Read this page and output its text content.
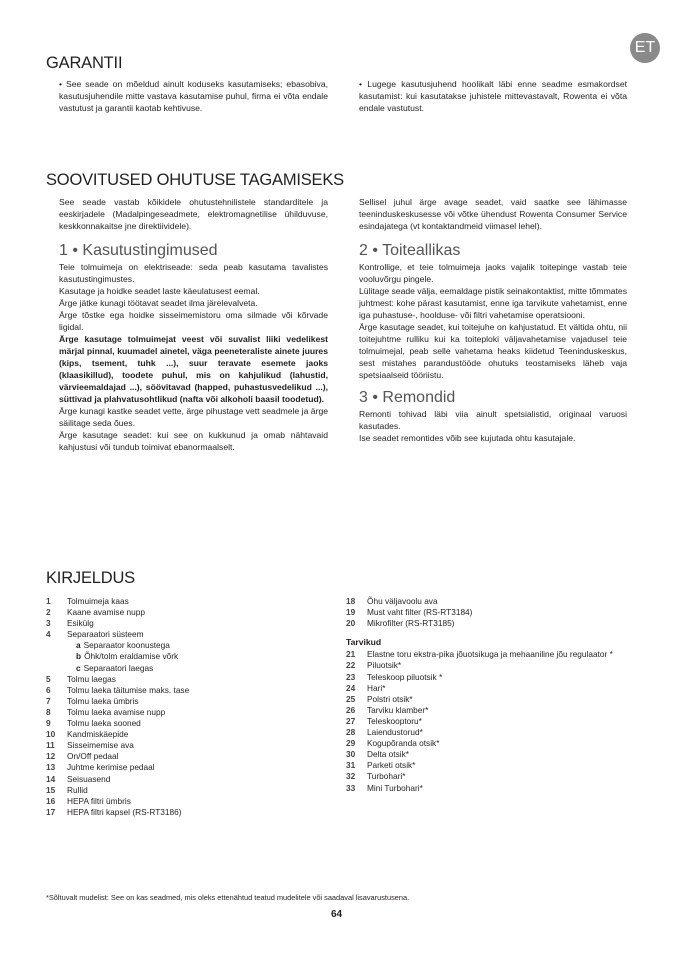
ET
GARANTII
• See seade on mõeldud ainult koduseks kasutamiseks; ebasobiva, kasutusjuhendile mitte vastava kasutamise puhul, firma ei võta endale vastutust ja garantii kaotab kehtivuse.
• Lugege kasutusjuhend hoolikalt läbi enne seadme esmakordset kasutamist: kui kasutatakse juhistele mittevastavalt, Rowenta ei võta endale vastutust.
SOOVITUSED OHUTUSE TAGAMISEKS
See seade vastab kõikidele ohutustehnilistele standarditele ja eeskirjadele (Madalpingeseadmete, elektromagnetilise ühilduvuse, keskkonnakaitse jne direktiividele).
1 • Kasutustingimused

Teie tolmuimeja on elektriseade: seda peab kasutama tavalistes kasutustingimustes.

Kasutage ja hoidke seadet laste käeulatusest eemal.

Ärge jätke kunagi töötavat seadet ilma järelevalveta.

Ärge tõstke ega hoidke sisseimemistoru oma silmade või kõrvade ligidal.

Ärge kasutage tolmuimejat veest või suvalist liiki vedelikest märjal pinnal, kuumadel ainetel, väga peeneteraliste ainete juures (kips, tsement, tuhk ...), suur teravate esemete jaoks (klaasikillud), toodete puhul, mis on kahjulikud (lahustid, värvieemaldajad ...), söövitavad (happed, puhastusvedelikud ...), süttivad ja plahvatusohtlikud (nafta või alkoholi baasil toodetud).

Ärge kunagi kastke seadet vette, ärge pihustage vett seadmele ja ärge säilitage seda õues.

Ärge kasutage seadet: kui see on kukkunud ja omab nähtavaid kahjustusi või tundub toimivat ebanormaalselt.

Sellisel juhul ärge avage seadet, vaid saatke see lähimasse teeninduskeskusesse või võtke ühendust Rowenta Consumer Service esindajatega (vt kontaktandmeid viimasel lehel).
2 • Toiteallikas

Kontrollige, et teie tolmuimeja jaoks vajalik toitepinge vastab teie vooluvõrgu pingele.

Lülitage seade välja, eemaldage pistik seinakontaktist, mitte tõmmates juhtmest: kohe pärast kasutamist, enne iga tarvikute vahetamist, enne iga puhastuse-, hoolduse- või filtri vahetamise operatsiooni.

Ärge kasutage seadet, kui toitejuhe on kahjustatud. Et vältida ohtu, nii toitejuhtme rulliku kui ka toiteploki väljavahetamise vajadusel teie tolmuimejal, peab selle vahetama heaks kiidetud Teeninduskeskus, sest mistahes parandustööde ohutuks teostamiseks läheb vaja spetsiaalseid tööriistu.

3 • Remondid

Remonti tohivad läbi viia ainult spetsialistid, originaal varuosi kasutades.

Ise seadet remontides võib see kujutada ohtu kasutajale.

KIRJELDUS
1	Tolmuimeja kaas
2	Kaane avamise nupp
3	Esikülg
4	Separaatori süsteem
a Separaator koonustega
b Õhk/tolm eraldamise võrk
c Separaatori laegas
5	Tolmu laegas
6	Tolmu laeka täitumise maks. tase
7	Tolmu laeka ümbris
8	Tolmu laeka avamise nupp
9	Tolmu laeka sooned
10	Kandmiskäepide
11	Sisseimemise ava
12	On/Off pedaal
13	Juhtme kerimise pedaal
14	Seisuasend
15	Rullid
16	HEPA filtri ümbris
17	HEPA filtri kapsel (RS-RT3186)
18	Õhu väljavoolu ava
19	Must vaht filter (RS-RT3184)
20	Mikrofilter (RS-RT3185)
Tarvikud
21	Elastne toru ekstra-pika jõuotsikuga ja mehaaniline jõu regulaator *
22	Piluotsik*
23	Teleskoop piluotsik *
24	Hari*
25	Polstri otsik*
26	Tarviku klamber*
27	Teleskooptoru*
28	Laiendustorud*
29	Kogupõranda otsik*
30	Delta otsik*
31	Parketi otsik*
32	Turbohari*
33	Mini Turbohari*
*Sõltuvalt mudelist: See on kas seadmed, mis oleks ettenähtud teatud mudelitele või saadaval lisavarustusena.
64
